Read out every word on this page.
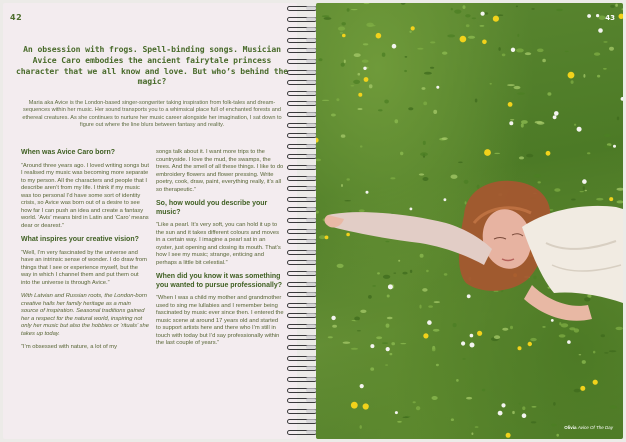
42
An obsession with frogs. Spell-binding songs. Musician Avice Caro embodies the ancient fairytale princess character that we all know and love. But who’s behind the magic?
Maria aka Avice is the London-based singer-songwriter taking inspiration from folk-tales and dream-sequences within her music. Her sound transports you to a whimsical place full of enchanted forests and ethereal creatures. As she continues to nurture her music career alongside her imagination, I sat down to figure out where the line blurs between fantasy and reality.
When was Avice Caro born?
“Around three years ago. I loved writing songs but I realised my music was becoming more separate to my person. All the characters and people that I describe aren’t from my life. I think if my music was too personal I’d have some sort of identity crisis, so Avice was born out of a desire to see how far I can push an idea and create a fantasy world. ‘Avis’ means bird in Latin and ‘Caro’ means dear or dearest.”
What inspires your creative vision?
“Well, I’m very fascinated by the universe and have an intrinsic sense of wonder. I do draw from things that I see or experience myself, but the way in which I channel them and put them out into the universe is through Avice.”
With Latvian and Russian roots, the London-born creative hails her family heritage as a main source of inspiration. Seasonal traditions gained her a respect for the natural world, inspiring not only her music but also the hobbies or ‘rituals’ she takes up today.
“I’m obsessed with nature, a lot of my
songs talk about it. I want more trips to the countryside. I love the mud, the swamps, the trees. And the smell of all these things. I like to do embroidery flowers and flower pressing. Write poetry, cook, draw, paint, everything really, it’s all so therapeutic.”
So, how would you describe your music?
“Like a pearl. It’s very soft, you can hold it up to the sun and it takes different colours and moves in a certain way. I imagine a pearl sat in an oyster, just opening and closing its mouth. That’s how I see my music; strange, enticing and perhaps a little bit celestial.”
When did you know it was something you wanted to pursue professionally?
“When I was a child my mother and grandmother used to sing me lullabies and I remember being fascinated by music ever since then. I entered the music scene at around 17 years old and started to support artists here and there who I’m still in touch with today but I’d say professionally within the last couple of years.”
43
Olivia Avice Of The Day
